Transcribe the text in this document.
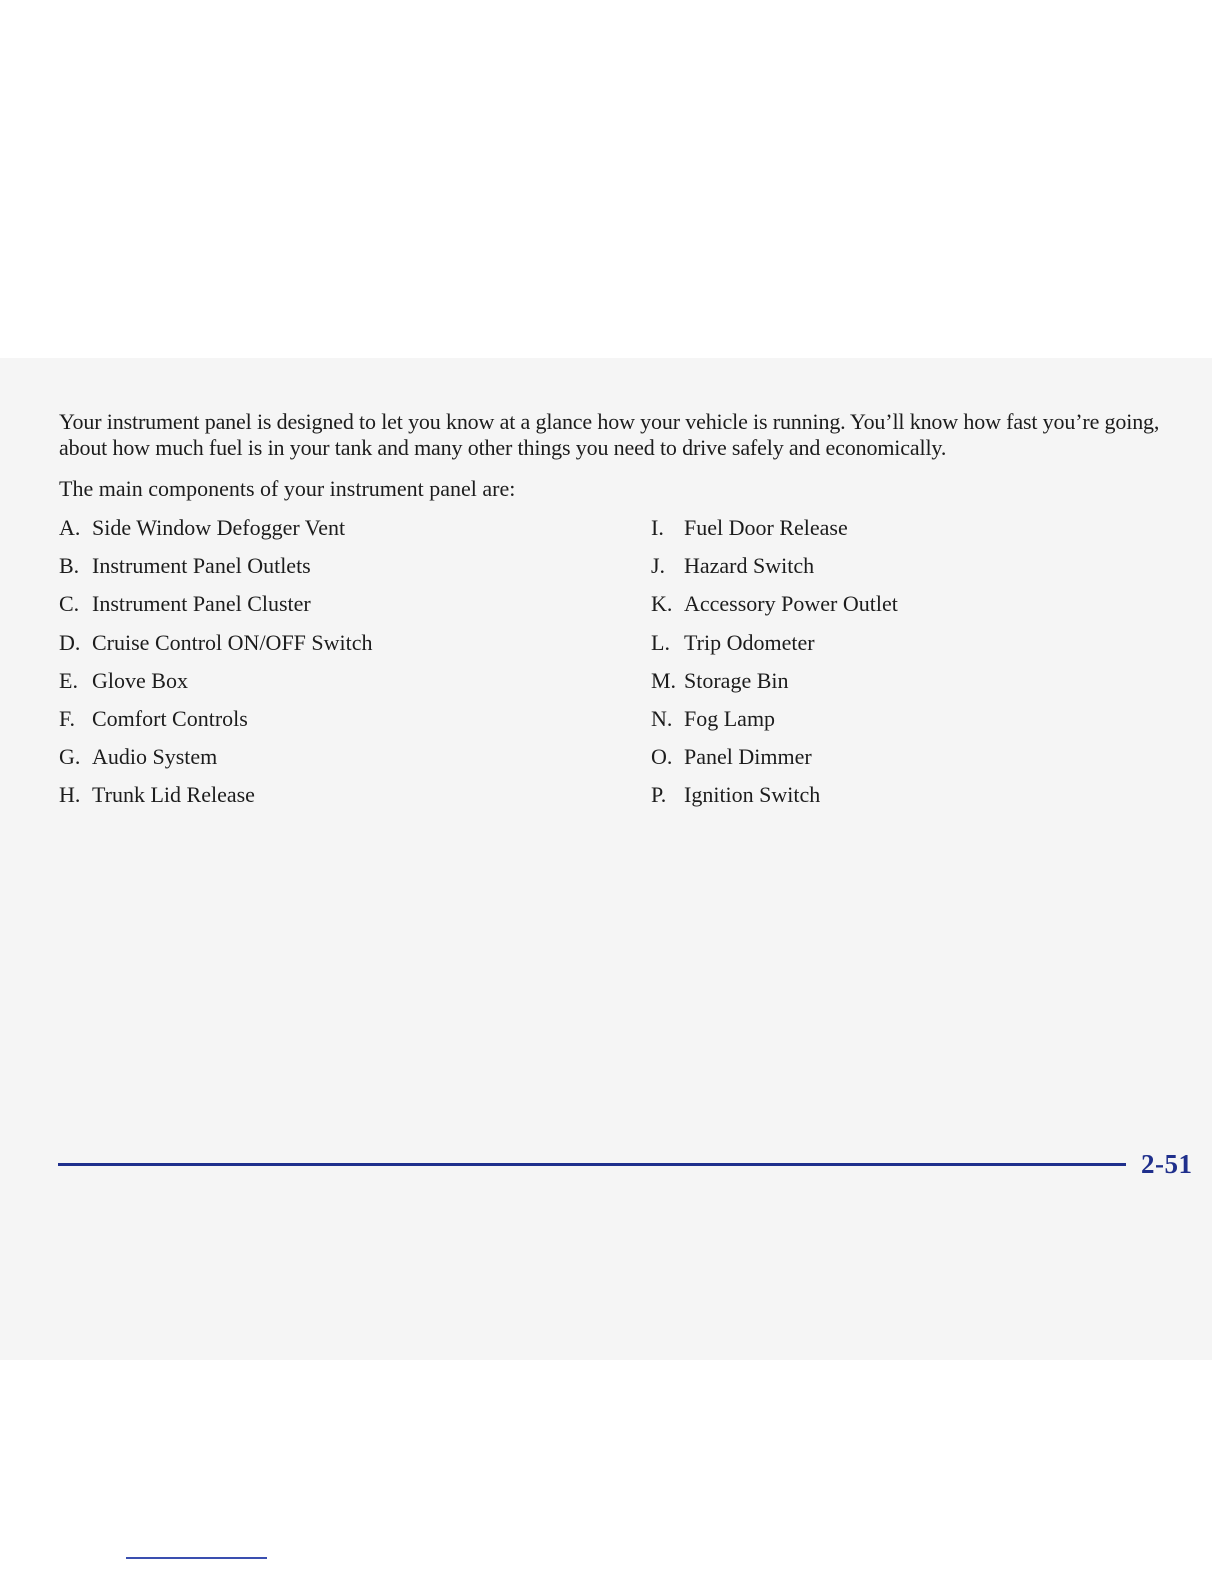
Your instrument panel is designed to let you know at a glance how your vehicle is running. You’ll know how fast you’re going, about how much fuel is in your tank and many other things you need to drive safely and economically.

The main components of your instrument panel are:

A. Side Window Defogger Vent
B. Instrument Panel Outlets
C. Instrument Panel Cluster
D. Cruise Control ON/OFF Switch
E. Glove Box
F. Comfort Controls
G. Audio System
H. Trunk Lid Release
I. Fuel Door Release
J. Hazard Switch
K. Accessory Power Outlet
L. Trip Odometer
M. Storage Bin
N. Fog Lamp
O. Panel Dimmer
P. Ignition Switch
2-51
